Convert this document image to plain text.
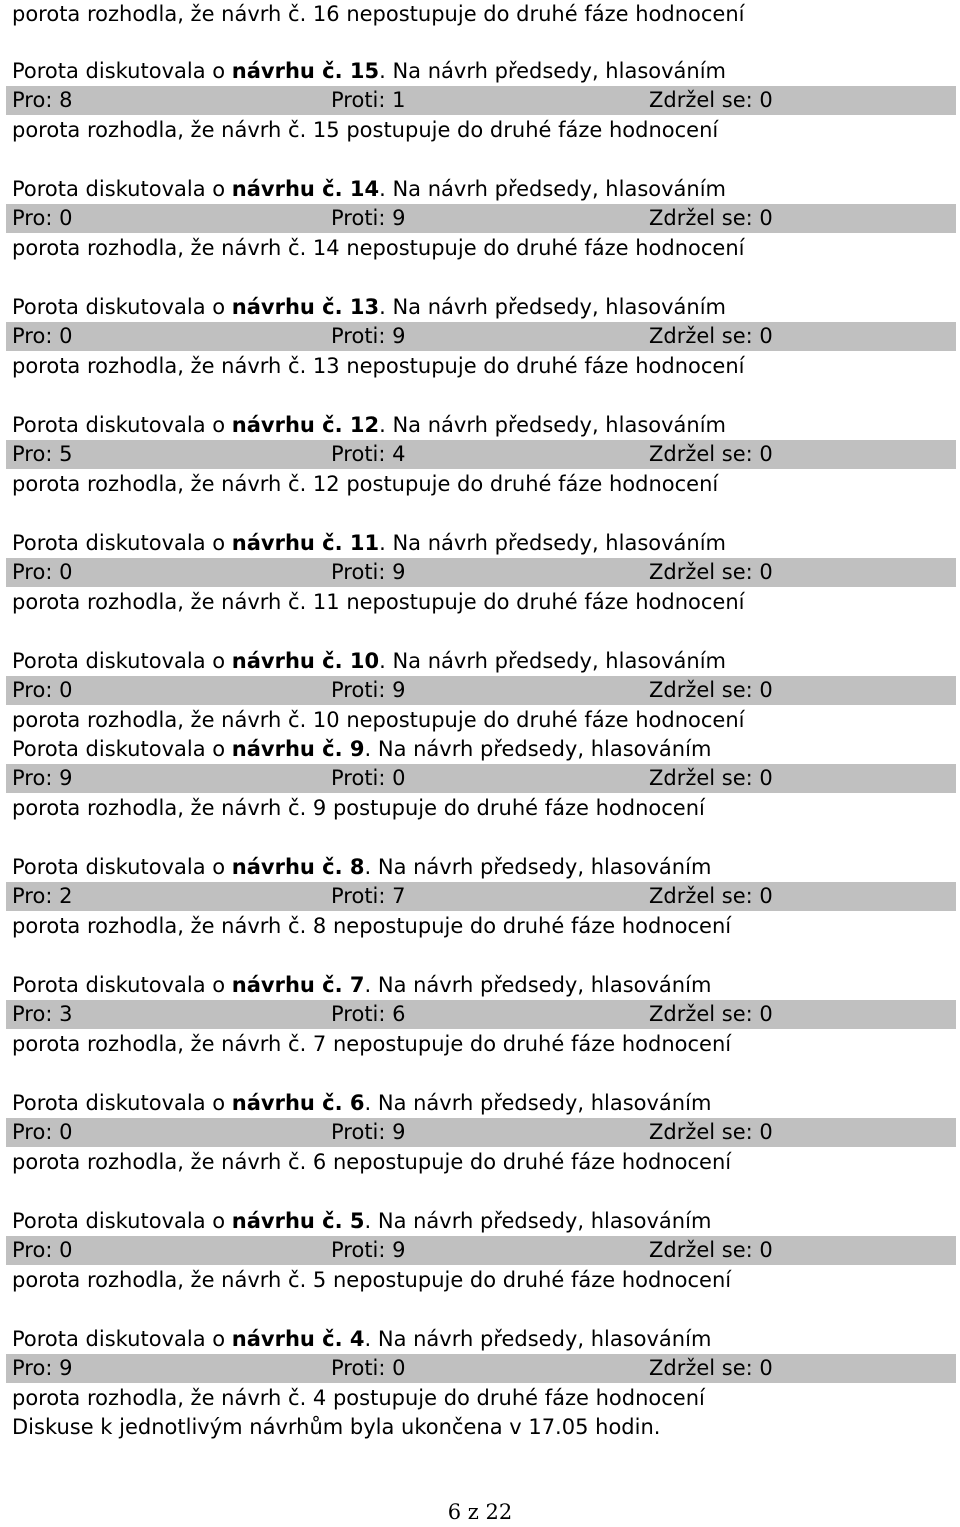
porota rozhodla, že návrh č. 16 nepostupuje do druhé fáze hodnocení
Porota diskutovala o návrhu č. 15. Na návrh předsedy, hlasováním
Pro: 8	Proti: 1	Zdržel se: 0
porota rozhodla, že návrh č. 15 postupuje do druhé fáze hodnocení
Porota diskutovala o návrhu č. 14. Na návrh předsedy, hlasováním
Pro: 0	Proti: 9	Zdržel se: 0
porota rozhodla, že návrh č. 14 nepostupuje do druhé fáze hodnocení
Porota diskutovala o návrhu č. 13. Na návrh předsedy, hlasováním
Pro: 0	Proti: 9	Zdržel se: 0
porota rozhodla, že návrh č. 13 nepostupuje do druhé fáze hodnocení
Porota diskutovala o návrhu č. 12. Na návrh předsedy, hlasováním
Pro: 5	Proti: 4	Zdržel se: 0
porota rozhodla, že návrh č. 12 postupuje do druhé fáze hodnocení
Porota diskutovala o návrhu č. 11. Na návrh předsedy, hlasováním
Pro: 0	Proti: 9	Zdržel se: 0
porota rozhodla, že návrh č. 11 nepostupuje do druhé fáze hodnocení
Porota diskutovala o návrhu č. 10. Na návrh předsedy, hlasováním
Pro: 0	Proti: 9	Zdržel se: 0
porota rozhodla, že návrh č. 10 nepostupuje do druhé fáze hodnocení
Porota diskutovala o návrhu č. 9. Na návrh předsedy, hlasováním
Pro: 9	Proti: 0	Zdržel se: 0
porota rozhodla, že návrh č. 9 postupuje do druhé fáze hodnocení
Porota diskutovala o návrhu č. 8. Na návrh předsedy, hlasováním
Pro: 2	Proti: 7	Zdržel se: 0
porota rozhodla, že návrh č. 8 nepostupuje do druhé fáze hodnocení
Porota diskutovala o návrhu č. 7. Na návrh předsedy, hlasováním
Pro: 3	Proti: 6	Zdržel se: 0
porota rozhodla, že návrh č. 7 nepostupuje do druhé fáze hodnocení
Porota diskutovala o návrhu č. 6. Na návrh předsedy, hlasováním
Pro: 0	Proti: 9	Zdržel se: 0
porota rozhodla, že návrh č. 6 nepostupuje do druhé fáze hodnocení
Porota diskutovala o návrhu č. 5. Na návrh předsedy, hlasováním
Pro: 0	Proti: 9	Zdržel se: 0
porota rozhodla, že návrh č. 5 nepostupuje do druhé fáze hodnocení
Porota diskutovala o návrhu č. 4. Na návrh předsedy, hlasováním
Pro: 9	Proti: 0	Zdržel se: 0
porota rozhodla, že návrh č. 4 postupuje do druhé fáze hodnocení
Diskuse k jednotlivým návrhům byla ukončena v 17.05 hodin.
6 z 22
